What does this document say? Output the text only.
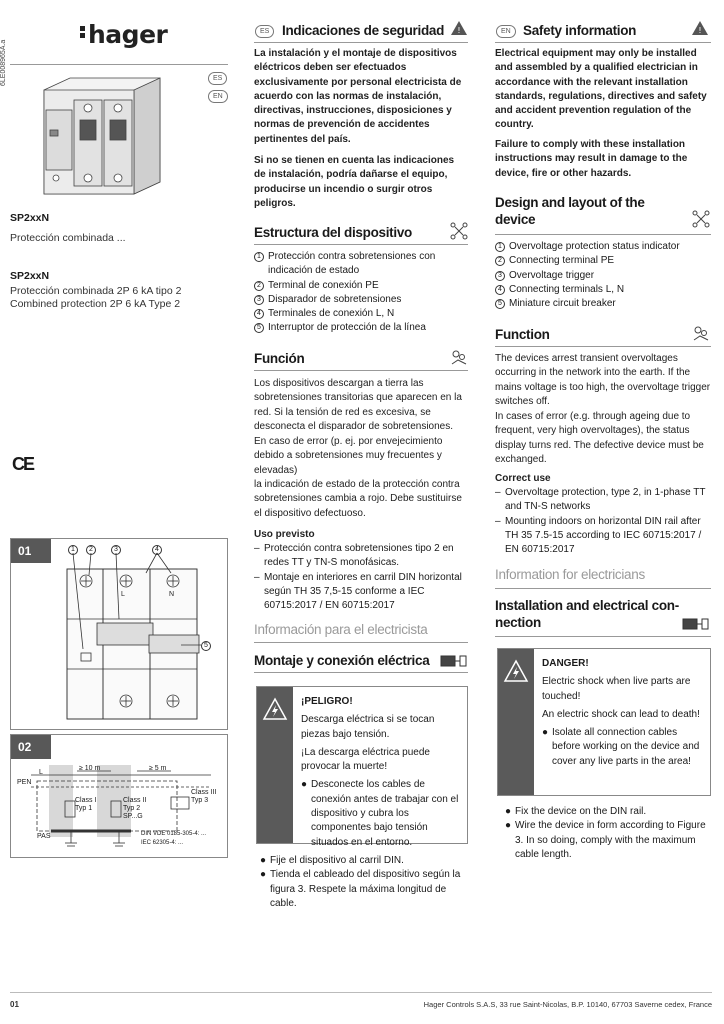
hager
6LE008965A.a	ES
EN
SP2xxN
Protección combinada ...
SP2xxN
Protección combinada 2P 6 kA tipo 2
Combined protection 2P 6 kA Type 2
CE
01	1	2	3	4
5
L	N
02
L
PEN
≥ 10 m	≥ 5 m
Class I
Typ 1
Class II
Typ 2
SP...G
Class III
Typ 3
PAS	DIN VDE 0185-305-4: ...
IEC 62305-4: ...
ES Indicaciones de seguridad !
La instalación y el montaje de dispositivos eléctricos deben ser efectuados exclusivamente por personal electricista de acuerdo con las normas de instalación, directivas, instrucciones, disposiciones y normas de prevención de accidentes pertinentes del país.
Si no se tienen en cuenta las indicaciones de instalación, podría dañarse el equipo, producirse un incendio o surgir otros peligros.
Estructura del dispositivo
1 Protección contra sobretensiones con indicación de estado
2 Terminal de conexión PE
3 Disparador de sobretensiones
4 Terminales de conexión L, N
5 Interruptor de protección de la línea
Función
Los dispositivos descargan a tierra las sobretensiones transitorias que aparecen en la red. Si la tensión de red es excesiva, se desconecta el disparador de sobretensiones.
En caso de error (p. ej. por envejecimiento debido a sobretensiones muy frecuentes y elevadas)
la indicación de estado de la protección contra sobretensiones cambia a rojo. Debe sustituirse el dispositivo defectuoso.
Uso previsto
– Protección contra sobretensiones tipo 2 en redes TT y TN-S monofásicas.
– Montaje en interiores en carril DIN horizontal según TH 35 7,5-15 conforme a IEC 60715:2017 / EN 60715:2017
Información para el electricista
Montaje y conexión eléctrica
¡PELIGRO!

Descarga eléctrica si se tocan piezas bajo tensión.

¡La descarga eléctrica puede provocar la muerte!

● Desconecte los cables de conexión antes de trabajar con el dispositivo y cubra los componentes bajo tensión situados en el entorno.
● Fije el dispositivo al carril DIN.
● Tienda el cableado del dispositivo según la figura 3. Respete la máxima longitud de cable.
EN Safety information	!
Electrical equipment may only be installed and assembled by a qualified electrician in accordance with the relevant installation standards, regulations, directives and safety and accident prevention regulation of the country.
Failure to comply with these installation instructions may result in damage to the device, fire or other hazards.
Design and layout of the
device
1 Overvoltage protection status indicator
2 Connecting terminal PE
3 Overvoltage trigger
4 Connecting terminals L, N
5 Miniature circuit breaker
Function
The devices arrest transient overvoltages occurring in the network into the earth. If the mains voltage is too high, the overvoltage trigger switches off.
In cases of error (e.g. through ageing due to frequent, very high overvoltages), the status display turns red. The defective device must be exchanged.
Correct use
– Overvoltage protection, type 2, in 1-phase TT and TN-S networks
– Mounting indoors on horizontal DIN rail after TH 35 7.5-15 according to IEC 60715:2017 / EN 60715:2017
Information for electricians
Installation and electrical con-
nection
DANGER!

Electric shock when live parts are touched!

An electric shock can lead to death!

● Isolate all connection cables before working on the device and cover any live parts in the area!
● Fix the device on the DIN rail.
● Wire the device in form according to Figure 3. In so doing, comply with the maximum cable length.
01	Hager Controls S.A.S, 33 rue Saint-Nicolas, B.P. 10140, 67703 Saverne cedex, France
